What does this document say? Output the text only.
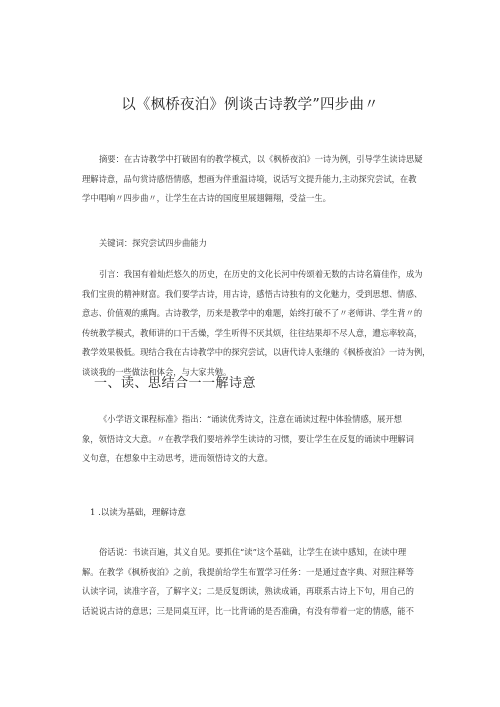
以《枫桥夜泊》例谈古诗教学”四步曲〃

摘要：在古诗教学中打破固有的教学模式，以《枫桥夜泊》一诗为例，引导学生读诗思疑
理解诗意，品句赏诗感悟情感，想画为伴重温诗境，说话写文提升能力,主动探究尝试，在教
学中唱响〃四步曲〃，让学生在古诗的国度里展翅翱翔，受益一生。

关键词：探究尝试四步曲能力

引言：我国有着灿烂悠久的历史，在历史的文化长河中传颂着无数的古诗名篇佳作，成为
我们宝贵的精神财富。我们要学古诗，用古诗，感悟古诗独有的文化魅力，受到思想、情感、
意志、价值观的熏陶。古诗教学，历来是教学中的难题，始终打破不了〃老师讲、学生背〃的
传统教学模式，教师讲的口干舌燥，学生听得不厌其烦，往往结果却不尽人意，遭忘率较高，
教学效果极低。现结合我在古诗教学中的探究尝试，以唐代诗人张继的《枫桥夜泊》一诗为例，
谈谈我的一些做法和体会，与大家共勉。

一、读、思结合一一解诗意

《小学语文课程标准》指出：“诵读优秀诗文，注意在诵读过程中体验情感，展开想
象，领悟诗文大意。〃在教学我们要培养学生读诗的习惯，要让学生在反复的诵读中理解词
义句意，在想象中主动思考，进而领悟诗文的大意。

1 .以读为基础，理解诗意

俗话说：书读百遍，其义自见。要抓住“读”这个基础，让学生在读中感知，在读中理
解。在教学《枫桥夜泊》之前，我提前给学生布置学习任务：一是通过查字典、对照注释等
认读字词，读准字音，了解字义；二是反复朗读，熟读成诵，再联系古诗上下句，用自己的
话说说古诗的意思；三是同桌互评，比一比背诵的是否准确，有没有带着一定的情感，能不
